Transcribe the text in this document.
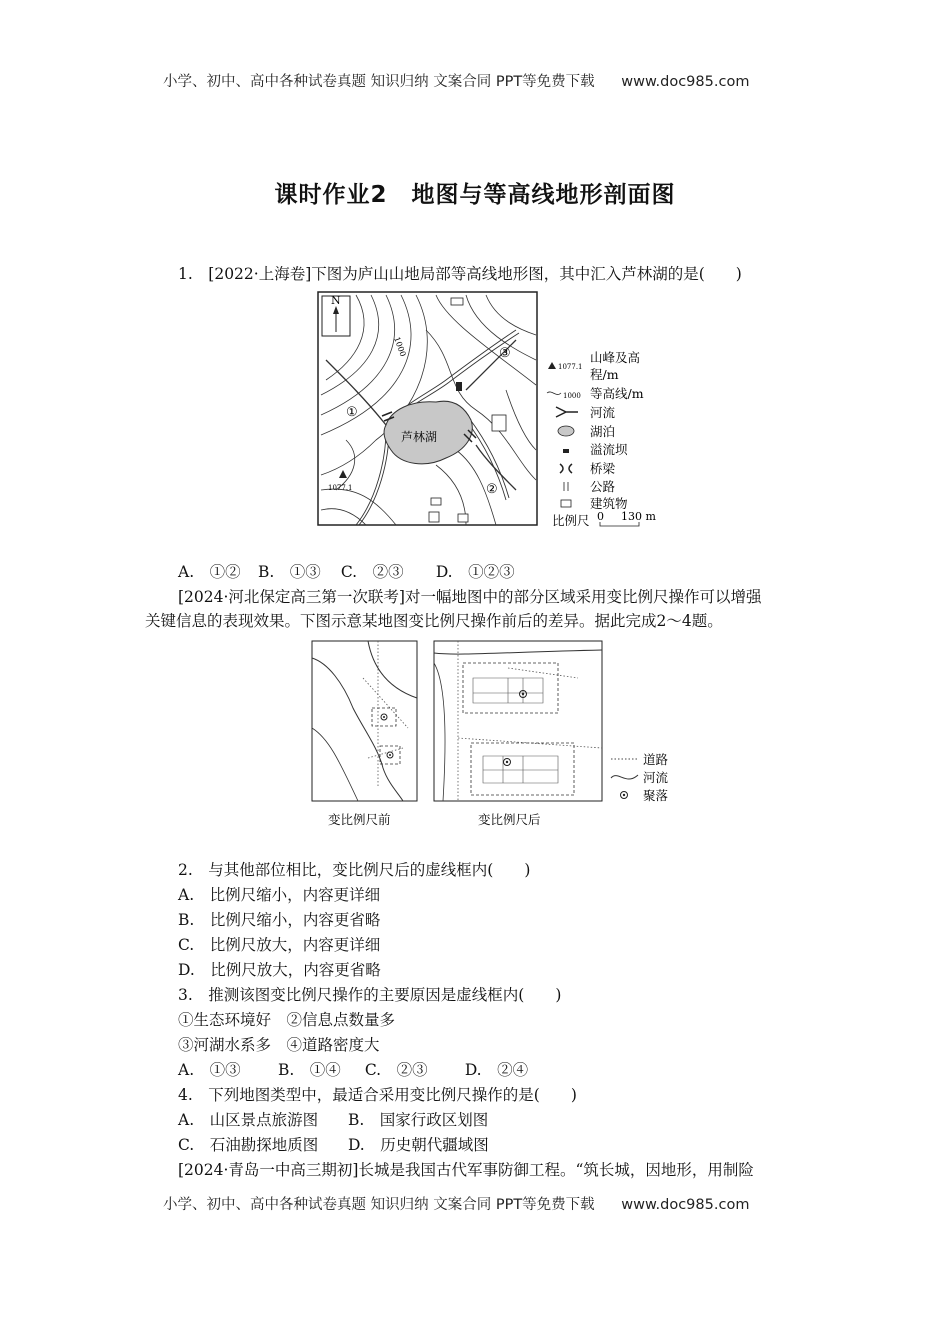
小学、初中、高中各种试卷真题 知识归纳 文案合同 PPT等免费下载 www.doc985.com
课时作业2　地图与等高线地形剖面图
1.　[2022·上海卷]下图为庐山山地局部等高线地形图，其中汇入芦林湖的是(　　)
N
1000
芦林湖
1077.1
①
②
③
1077.1
山峰及高
程/m
1000 等高线/m
河流
湖泊
溢流坝
桥梁
公路
建筑物
比例尺 0 130 m
A.　①② B.　①③ C.　②③ D.　①②③
[2024·河北保定高三第一次联考]对一幅地图中的部分区域采用变比例尺操作可以增强
关键信息的表现效果。下图示意某地图变比例尺操作前后的差异。据此完成2～4题。
变比例尺前	变比例尺后
道路
河流
聚落
2.　与其他部位相比，变比例尺后的虚线框内(　　)
A.　比例尺缩小，内容更详细
B.　比例尺缩小，内容更省略
C.　比例尺放大，内容更详细
D.　比例尺放大，内容更省略
3.　推测该图变比例尺操作的主要原因是虚线框内(　　)
①生态环境好　②信息点数量多
③河湖水系多　④道路密度大
A.　①③ B.　①④ C.　②③ D.　②④
4.　下列地图类型中，最适合采用变比例尺操作的是(　　)
A.　山区景点旅游图 B.　国家行政区划图
C.　石油勘探地质图 D.　历史朝代疆域图
[2024·青岛一中高三期初]长城是我国古代军事防御工程。“筑长城，因地形，用制险
小学、初中、高中各种试卷真题 知识归纳 文案合同 PPT等免费下载 www.doc985.com
